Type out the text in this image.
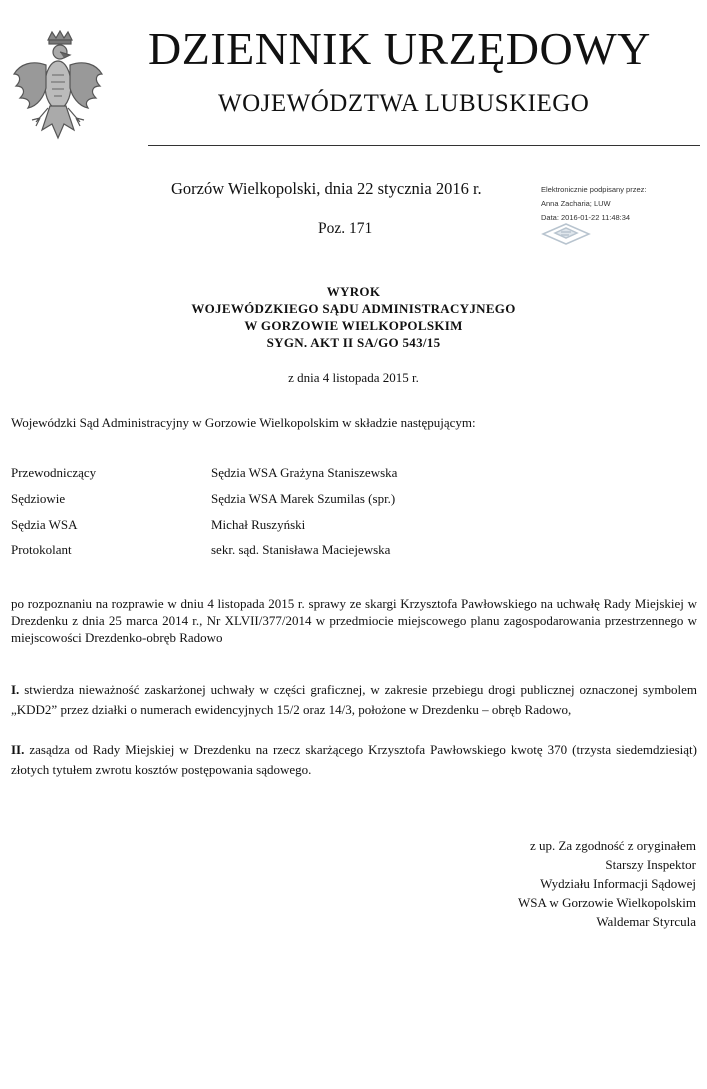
DZIENNIK URZĘDOWY
WOJEWÓDZTWA LUBUSKIEGO
Gorzów Wielkopolski, dnia 22 stycznia 2016 r.
Poz. 171
Elektronicznie podpisany przez:
Anna Zacharia; LUW
Data: 2016-01-22 11:48:34
WYROK
WOJEWÓDZKIEGO SĄDU ADMINISTRACYJNEGO
W GORZOWIE WIELKOPOLSKIM
SYGN. AKT II SA/GO 543/15
z dnia 4 listopada 2015 r.
Wojewódzki Sąd Administracyjny w Gorzowie Wielkopolskim w składzie następującym:
Przewodniczący	Sędzia WSA Grażyna Staniszewska
Sędziowie	Sędzia WSA Marek Szumilas (spr.)
Sędzia WSA	Michał Ruszyński
Protokolant	sekr. sąd. Stanisława Maciejewska
po rozpoznaniu na rozprawie w dniu 4 listopada 2015 r. sprawy ze skargi Krzysztofa Pawłowskiego na uchwałę Rady Miejskiej w Drezdenku z dnia 25 marca 2014 r., Nr XLVII/377/2014 w przedmiocie miejscowego planu zagospodarowania przestrzennego w miejscowości Drezdenko-obręb Radowo
I. stwierdza nieważność zaskarżonej uchwały w części graficznej, w zakresie przebiegu drogi publicznej oznaczonej symbolem „KDD2” przez działki o numerach ewidencyjnych 15/2 oraz 14/3, położone w Drezdenku – obręb Radowo,
II. zasądza od Rady Miejskiej w Drezdenku na rzecz skarżącego Krzysztofa Pawłowskiego kwotę 370 (trzysta siedemdziesiąt) złotych tytułem zwrotu kosztów postępowania sądowego.
z up. Za zgodność z oryginałem
Starszy Inspektor
Wydziału Informacji Sądowej
WSA w Gorzowie Wielkopolskim
Waldemar Styrcula
